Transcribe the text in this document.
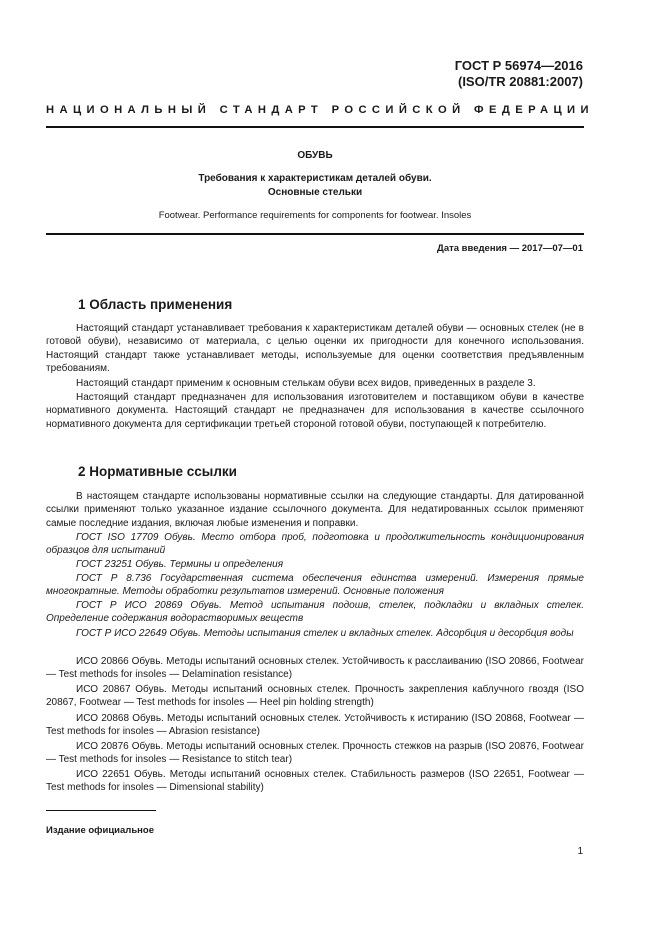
ГОСТ Р 56974—2016
(ISO/TR 20881:2007)
НАЦИОНАЛЬНЫЙ СТАНДАРТ РОССИЙСКОЙ ФЕДЕРАЦИИ
ОБУВЬ
Требования к характеристикам деталей обуви.
Основные стельки
Footwear. Performance requirements for components for footwear. Insoles
Дата введения — 2017—07—01
1 Область применения

Настоящий стандарт устанавливает требования к характеристикам деталей обуви — основных стелек (не в готовой обуви), независимо от материала, с целью оценки их пригодности для конечного использования. Настоящий стандарт также устанавливает методы, используемые для оценки соответствия предъявленным требованиям.

Настоящий стандарт применим к основным стелькам обуви всех видов, приведенных в разделе 3.

Настоящий стандарт предназначен для использования изготовителем и поставщиком обуви в качестве нормативного документа. Настоящий стандарт не предназначен для использования в качестве ссылочного нормативного документа для сертификации третьей стороной готовой обуви, поступающей к потребителю.

2 Нормативные ссылки

В настоящем стандарте использованы нормативные ссылки на следующие стандарты. Для датированной ссылки применяют только указанное издание ссылочного документа. Для недатированных ссылок применяют самые последние издания, включая любые изменения и поправки.

ГОСТ ISO 17709 Обувь. Место отбора проб, подготовка и продолжительность кондиционирования образцов для испытаний

ГОСТ 23251 Обувь. Термины и определения

ГОСТ Р 8.736 Государственная система обеспечения единства измерений. Измерения прямые многократные. Методы обработки результатов измерений. Основные положения

ГОСТ Р ИСО 20869 Обувь. Метод испытания подошв, стелек, подкладки и вкладных стелек. Определение содержания водорастворимых веществ

ГОСТ Р ИСО 22649 Обувь. Методы испытания стелек и вкладных стелек. Адсорбция и десорбция воды

ИСО 20866 Обувь. Методы испытаний основных стелек. Устойчивость к расслаиванию (ISO 20866, Footwear — Test methods for insoles — Delamination resistance)

ИСО 20867 Обувь. Методы испытаний основных стелек. Прочность закрепления каблучного гвоздя (ISO 20867, Footwear — Test methods for insoles — Heel pin holding strength)

ИСО 20868 Обувь. Методы испытаний основных стелек. Устойчивость к истиранию (ISO 20868, Footwear — Test methods for insoles — Abrasion resistance)

ИСО 20876 Обувь. Методы испытаний основных стелек. Прочность стежков на разрыв (ISO 20876, Footwear — Test methods for insoles — Resistance to stitch tear)

ИСО 22651 Обувь. Методы испытаний основных стелек. Стабильность размеров (ISO 22651, Footwear — Test methods for insoles — Dimensional stability)

Издание официальное
1
